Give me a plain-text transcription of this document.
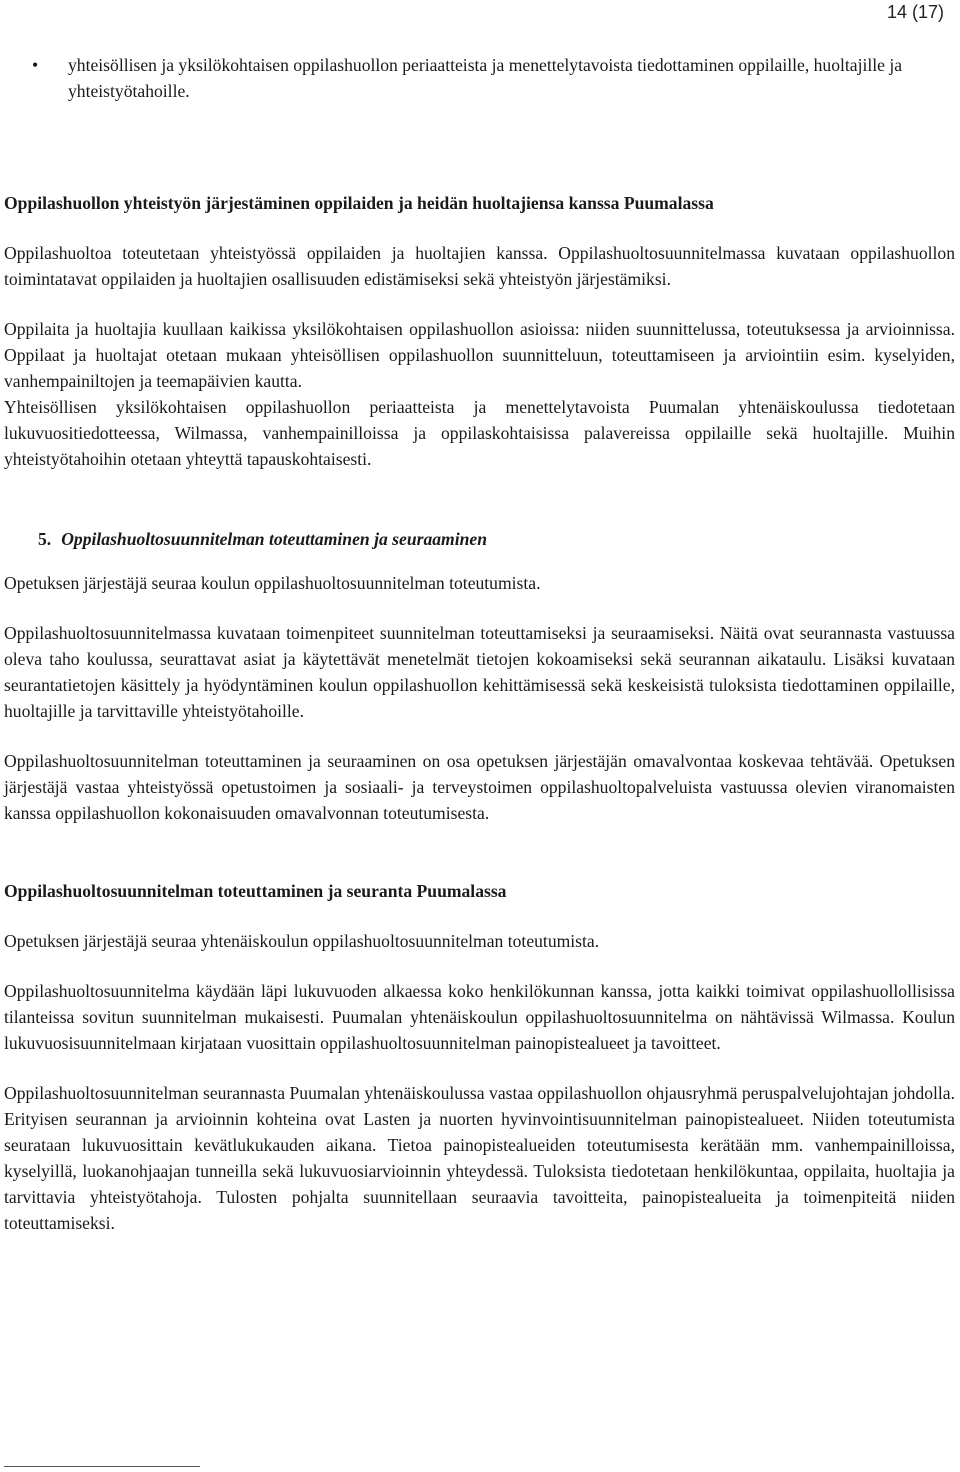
14 (17)
•	yhteisöllisen ja yksilökohtaisen oppilashuollon periaatteista ja menettelytavoista tiedottaminen oppilaille, huoltajille ja yhteistyötahoille.
Oppilashuollon yhteistyön järjestäminen oppilaiden ja heidän huoltajiensa kanssa Puumalassa

Oppilashuoltoa toteutetaan yhteistyössä oppilaiden ja huoltajien kanssa. Oppilashuoltosuunnitelmassa kuvataan oppilashuollon toimintatavat oppilaiden ja huoltajien osallisuuden edistämiseksi sekä yhteistyön järjestämiksi.

Oppilaita ja huoltajia kuullaan kaikissa yksilökohtaisen oppilashuollon asioissa: niiden suunnittelussa, toteutuksessa ja arvioinnissa. Oppilaat ja huoltajat otetaan mukaan yhteisöllisen oppilashuollon suunnitteluun, toteuttamiseen ja arviointiin esim. kyselyiden, vanhempainiltojen ja teemapäivien kautta.

Yhteisöllisen yksilökohtaisen oppilashuollon periaatteista ja menettelytavoista Puumalan yhtenäiskoulussa tiedotetaan lukuvuositiedotteessa, Wilmassa, vanhempainilloissa ja oppilaskohtaisissa palavereissa oppilaille sekä huoltajille. Muihin yhteistyötahoihin otetaan yhteyttä tapauskohtaisesti.

5. Oppilashuoltosuunnitelman toteuttaminen ja seuraaminen

Opetuksen järjestäjä seuraa koulun oppilashuoltosuunnitelman toteutumista.

Oppilashuoltosuunnitelmassa kuvataan toimenpiteet suunnitelman toteuttamiseksi ja seuraamiseksi. Näitä ovat seurannasta vastuussa oleva taho koulussa, seurattavat asiat ja käytettävät menetelmät tietojen kokoamiseksi sekä seurannan aikataulu. Lisäksi kuvataan seurantatietojen käsittely ja hyödyntäminen koulun oppilashuollon kehittämisessä sekä keskeisistä tuloksista tiedottaminen oppilaille, huoltajille ja tarvittaville yhteistyötahoille.

Oppilashuoltosuunnitelman toteuttaminen ja seuraaminen on osa opetuksen järjestäjän omavalvontaa koskevaa tehtävää. Opetuksen järjestäjä vastaa yhteistyössä opetustoimen ja sosiaali- ja terveystoimen oppilashuoltopalveluista vastuussa olevien viranomaisten kanssa oppilashuollon kokonaisuuden omavalvonnan toteutumisesta.

Oppilashuoltosuunnitelman toteuttaminen ja seuranta Puumalassa

Opetuksen järjestäjä seuraa yhtenäiskoulun oppilashuoltosuunnitelman toteutumista.

Oppilashuoltosuunnitelma käydään läpi lukuvuoden alkaessa koko henkilökunnan kanssa, jotta kaikki toimivat oppilashuollollisissa tilanteissa sovitun suunnitelman mukaisesti. Puumalan yhtenäiskoulun oppilashuoltosuunnitelma on nähtävissä Wilmassa. Koulun lukuvuosisuunnitelmaan kirjataan vuosittain oppilashuoltosuunnitelman painopistealueet ja tavoitteet.

Oppilashuoltosuunnitelman seurannasta Puumalan yhtenäiskoulussa vastaa oppilashuollon ohjausryhmä peruspalvelujohtajan johdolla. Erityisen seurannan ja arvioinnin kohteina ovat Lasten ja nuorten hyvinvointisuunnitelman painopistealueet. Niiden toteutumista seurataan lukuvuosittain kevätlukukauden aikana. Tietoa painopistealueiden toteutumisesta kerätään mm. vanhempainilloissa, kyselyillä, luokanohjaajan tunneilla sekä lukuvuosiarvioinnin yhteydessä. Tuloksista tiedotetaan henkilökuntaa, oppilaita, huoltajia ja tarvittavia yhteistyötahoja. Tulosten pohjalta suunnitellaan seuraavia tavoitteita, painopistealueita ja toimenpiteitä niiden toteuttamiseksi.
